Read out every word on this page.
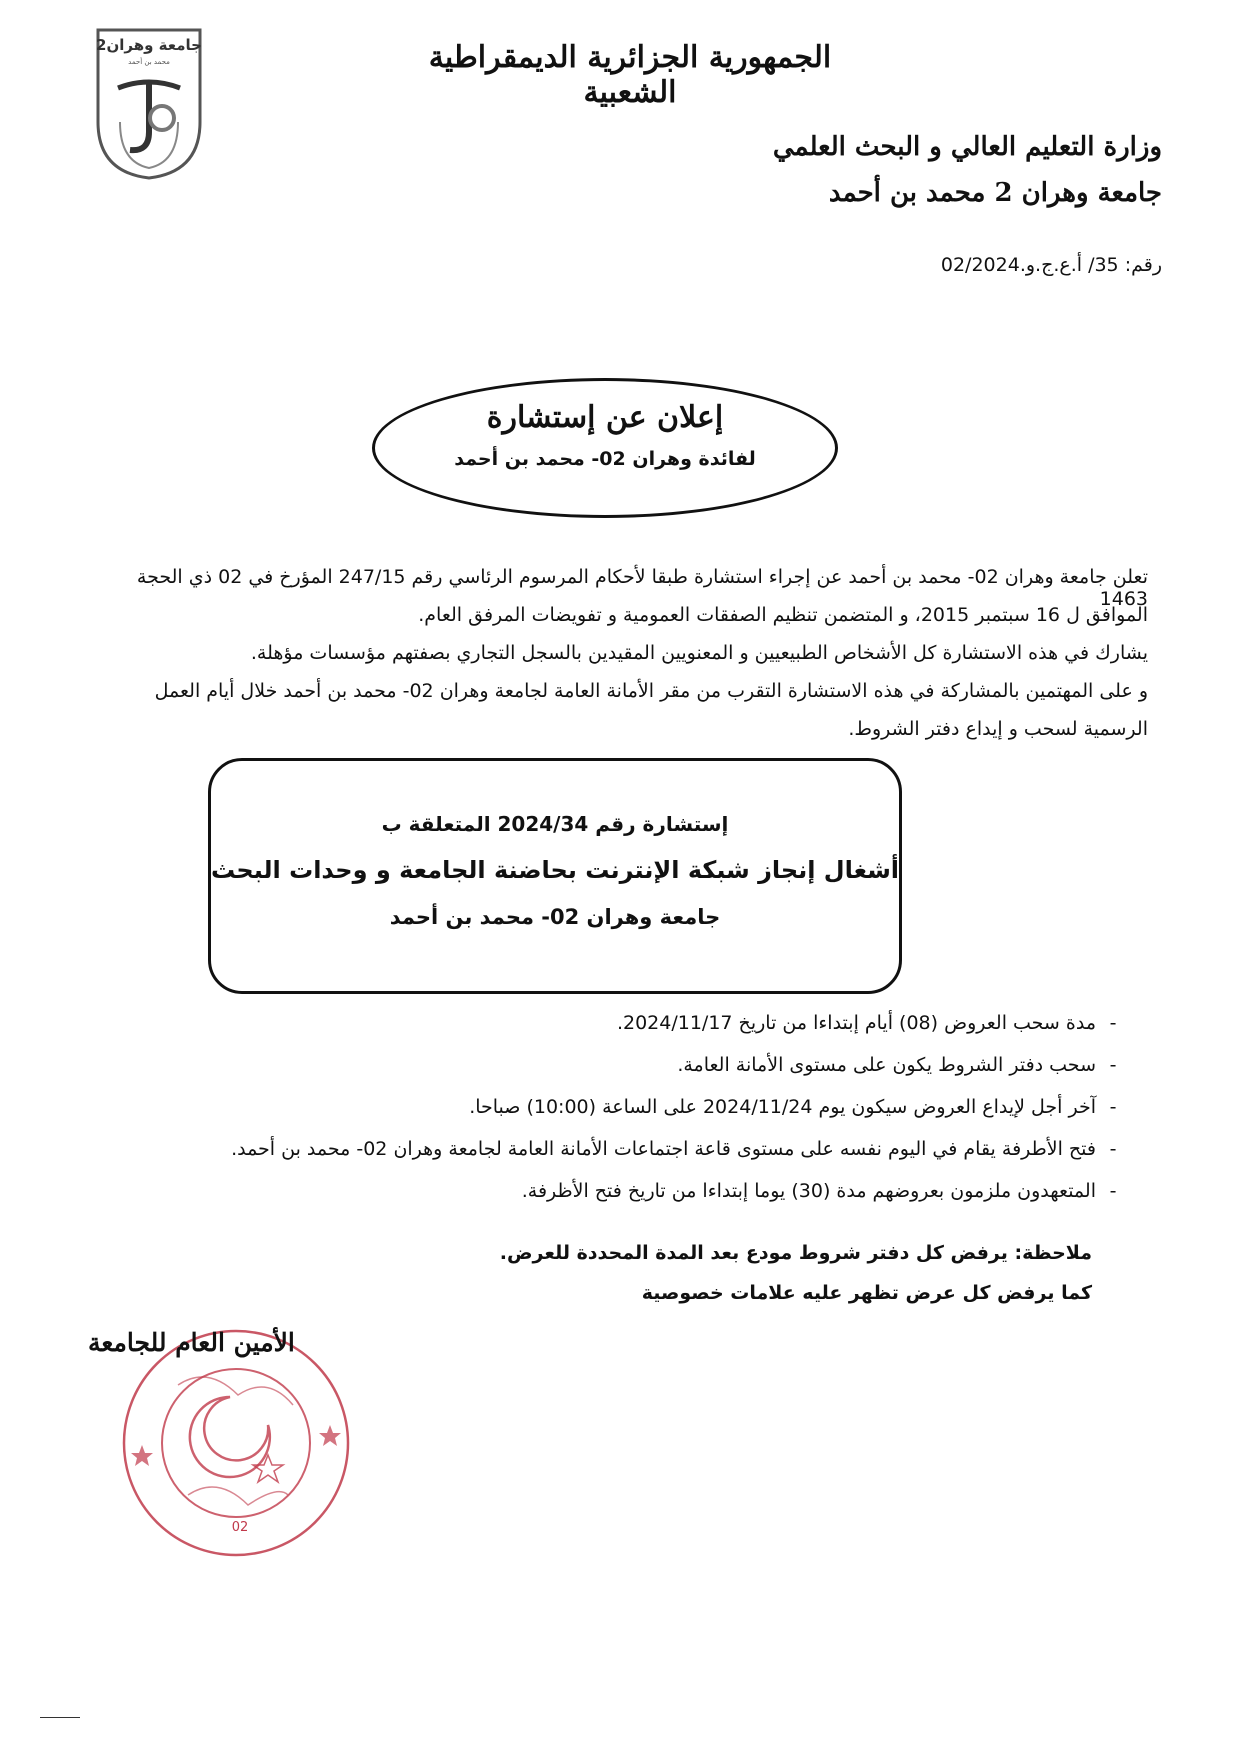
جامعة وهران2
محمد بن أحمد	الجمهورية الجزائرية الديمقراطية الشعبية
وزارة التعليم العالي و البحث العلمي
جامعة وهران 2 محمد بن أحمد
رقم: 35/ أ.ع.ج.و.02/2024
إعلان عن إستشارة
لفائدة وهران 02- محمد بن أحمد
تعلن جامعة وهران 02- محمد بن أحمد عن إجراء استشارة طبقا لأحكام المرسوم الرئاسي رقم 247/15 المؤرخ في 02 ذي الحجة 1463
الموافق ل 16 سبتمبر 2015، و المتضمن تنظيم الصفقات العمومية و تفويضات المرفق العام.
يشارك في هذه الاستشارة كل الأشخاص الطبيعيين و المعنويين المقيدين بالسجل التجاري بصفتهم مؤسسات مؤهلة.
و على المهتمين بالمشاركة في هذه الاستشارة التقرب من مقر الأمانة العامة لجامعة وهران 02- محمد بن أحمد خلال أيام العمل
الرسمية لسحب و إيداع دفتر الشروط.
إستشارة رقم 2024/34 المتعلقة ب
أشغال إنجاز شبكة الإنترنت بحاضنة الجامعة و وحدات البحث
جامعة وهران 02- محمد بن أحمد
-مدة سحب العروض (08) أيام إبتداءا من تاريخ 2024/11/17.
-سحب دفتر الشروط يكون على مستوى الأمانة العامة.
-آخر أجل لإيداع العروض سيكون يوم 2024/11/24 على الساعة (10:00) صباحا.
-فتح الأطرفة يقام في اليوم نفسه على مستوى قاعة اجتماعات الأمانة العامة لجامعة وهران 02- محمد بن أحمد.
-المتعهدون ملزمون بعروضهم مدة (30) يوما إبتداءا من تاريخ فتح الأظرفة.
ملاحظة: يرفض كل دفتر شروط مودع بعد المدة المحددة للعرض.
كما يرفض كل عرض تظهر عليه علامات خصوصية
الأمين العام للجامعة
02
